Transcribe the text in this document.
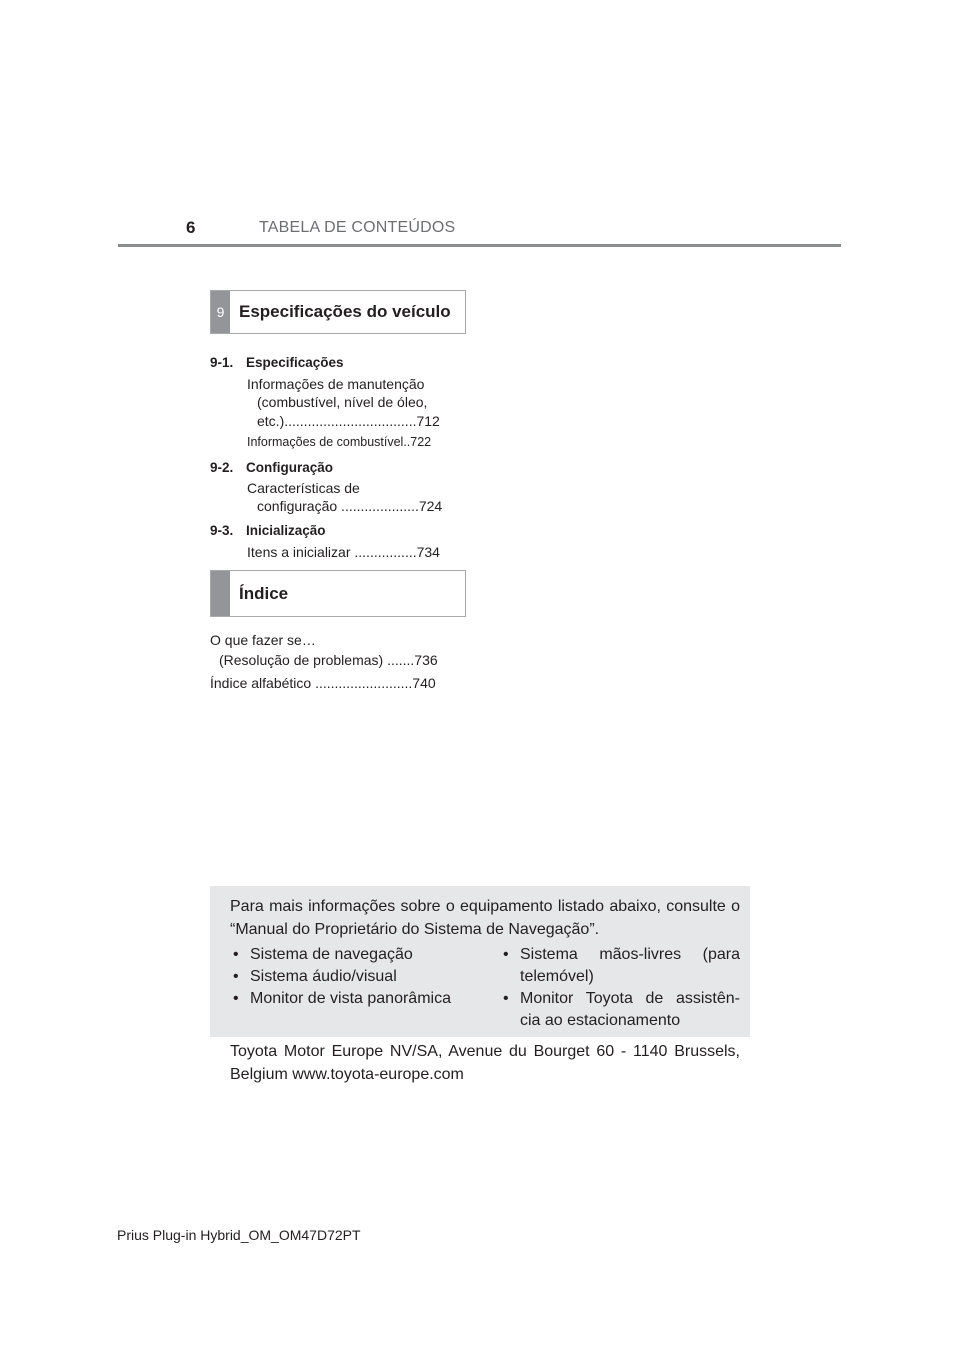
6	TABELA DE CONTEÚDOS
9 Especificações do veículo
9-1. Especificações
Informações de manutenção
(combustível, nível de óleo,
etc.)..................................712
Informações de combustível..722
9-2. Configuração
Características de
configuração ....................724
9-3. Inicialização
Itens a inicializar ................734
Índice
O que fazer se…
(Resolução de problemas) .......736
Índice alfabético .........................740
Para mais informações sobre o equipamento listado abaixo, consulte o “Manual do Proprietário do Sistema de Navegação”.
• Sistema de navegação
• Sistema áudio/visual
• Monitor de vista panorâmica
• Sistema mãos-livres (para
telemóvel)
• Monitor Toyota de assistên-
cia ao estacionamento
Toyota Motor Europe NV/SA, Avenue du Bourget 60 - 1140 Brussels, Belgium www.toyota-europe.com
Prius Plug-in Hybrid_OM_OM47D72PT
